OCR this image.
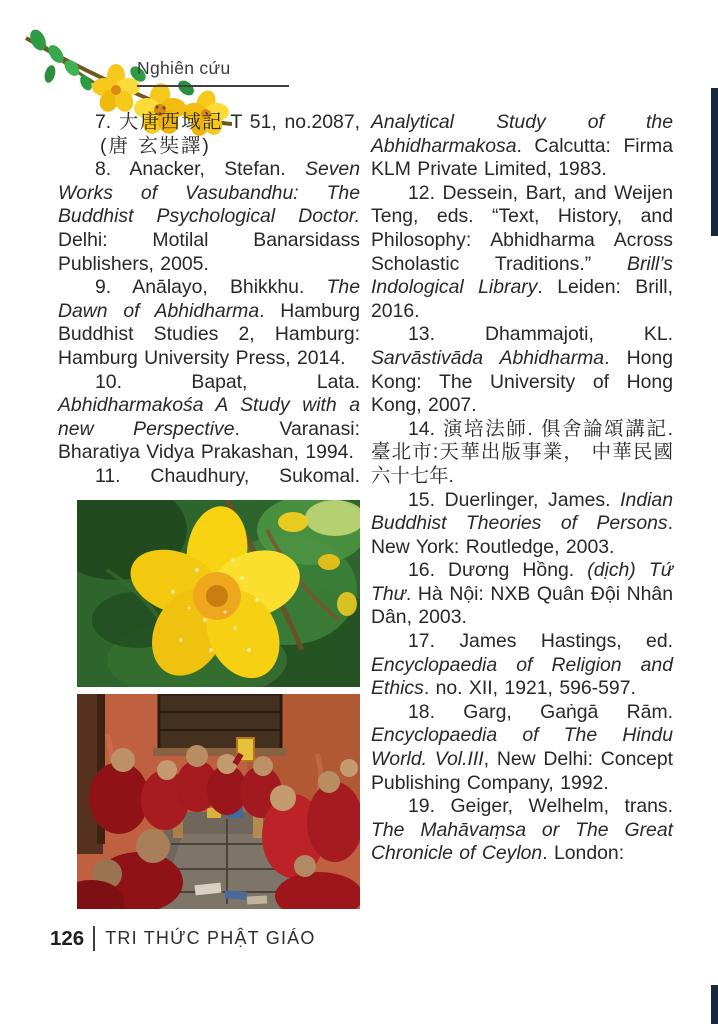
Nghiên cứu

7. 大唐西域記 T 51, no.2087,

(唐 玄奘譯)

8. Anacker, Stefan. Seven Works of Vasubandhu: The Buddhist Psychological Doctor. Delhi: Motilal Banarsidass Publishers, 2005.

9. Anālayo, Bhikkhu. The Dawn of Abhidharma. Hamburg Buddhist Studies 2, Hamburg: Hamburg University Press, 2014.

10. Bapat, Lata. Abhidharmakośa A Study with a new Perspective. Varanasi: Bharatiya Vidya Prakashan, 1994.

11. Chaudhury, Sukomal.

Analytical Study of the Abhidharmakosa. Calcutta: Firma KLM Private Limited, 1983.

12. Dessein, Bart, and Weijen Teng, eds. “Text, History, and Philosophy: Abhidharma Across Scholastic Traditions.” Brill’s Indological Library. Leiden: Brill, 2016.

13. Dhammajoti, KL. Sarvāstivāda Abhidharma. Hong Kong: The University of Hong Kong, 2007.

14. 演培法師. 俱舍論頌講記. 臺北市:天華出版事業， 中華民國六十七年.

15. Duerlinger, James. Indian Buddhist Theories of Persons. New York: Routledge, 2003.

16. Dương Hồng. (dịch) Tứ Thư. Hà Nội: NXB Quân Đội Nhân Dân, 2003.

17. James Hastings, ed. Encyclopaedia of Religion and Ethics. no. XII, 1921, 596-597.

18. Garg, Gaṅgā Rām. Encyclopaedia of The Hindu World. Vol.III, New Delhi: Concept Publishing Company, 1992.

19. Geiger, Welhelm, trans. The Mahāvaṃsa or The Great Chronicle of Ceylon. London:

126 TRI THỨC PHẬT GIÁO
